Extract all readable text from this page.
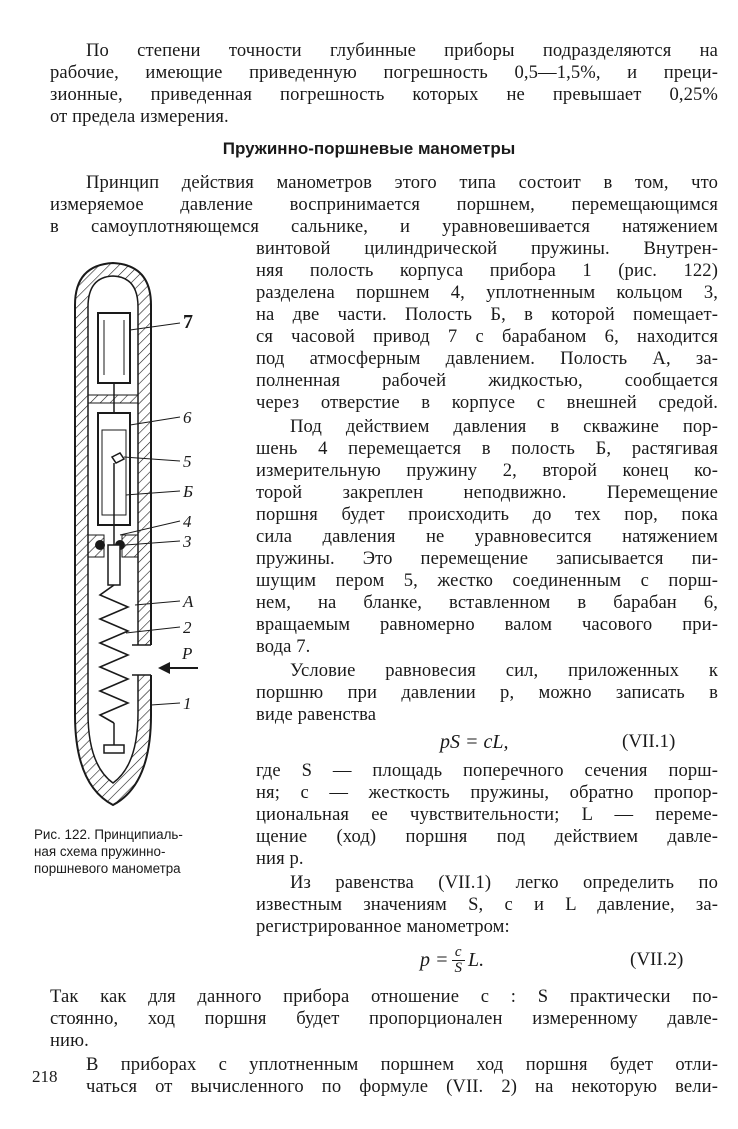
По степени точности глубинные приборы подразделяются на

рабочие, имеющие приведенную погрешность 0,5—1,5%, и преци-

зионные, приведенная погрешность которых не превышает 0,25%

от предела измерения.

Пружинно-поршневые манометры

Принцип действия манометров этого типа состоит в том, что

измеряемое давление воспринимается поршнем, перемещающимся

в самоуплотняющемся сальнике, и уравновешивается натяжением

винтовой цилиндрической пружины. Внутрен-

няя полость корпуса прибора 1 (рис. 122)

разделена поршнем 4, уплотненным кольцом 3,

на две части. Полость Б, в которой помещает-

ся часовой привод 7 с барабаном 6, находится

под атмосферным давлением. Полость А, за-

полненная рабочей жидкостью, сообщается

через отверстие в корпусе с внешней средой.

Под действием давления в скважине пор-

шень 4 перемещается в полость Б, растягивая

измерительную пружину 2, второй конец ко-

торой закреплен неподвижно. Перемещение

поршня будет происходить до тех пор, пока

сила давления не уравновесится натяжением

пружины. Это перемещение записывается пи-

шущим пером 5, жестко соединенным с порш-

нем, на бланке, вставленном в барабан 6,

вращаемым равномерно валом часового при-

вода 7.

Условие равновесия сил, приложенных к

поршню при давлении p, можно записать в

виде равенства

pS = cL,	(VII.1)

где S — площадь поперечного сечения порш-

ня; c — жесткость пружины, обратно пропор-

циональная ее чувствительности; L — переме-

щение (ход) поршня под действием давле-

ния p.

Из равенства (VII.1) легко определить по

известным значениям S, c и L давление, за-

регистрированное манометром:

$p = \frac{c}{S} L$.	(VII.2)

Так как для данного прибора отношение c : S практически по-

стоянно, ход поршня будет пропорционален измеренному давле-

нию.

В приборах с уплотненным поршнем ход поршня будет отли-

чаться от вычисленного по формуле (VII. 2) на некоторую вели-

218
7
6
5
Б
4
3
А
2
P
1
Рис. 122. Принципиаль-
ная схема пружинно-
поршневого манометра
